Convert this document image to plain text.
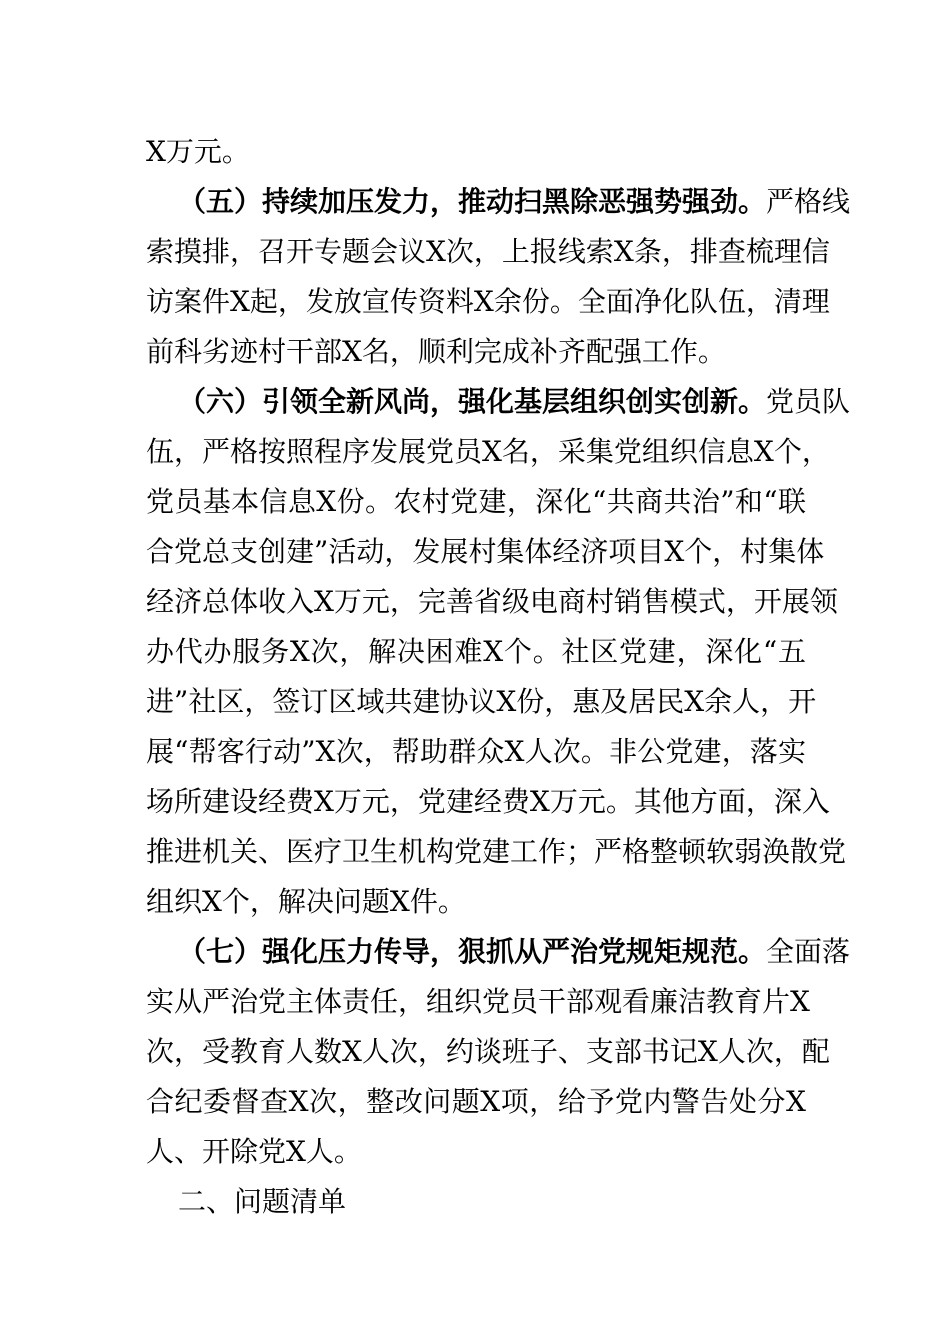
X万元。
（五）持续加压发力，推动扫黑除恶强势强劲。严格线
索摸排，召开专题会议X次，上报线索X条，排查梳理信
访案件X起，发放宣传资料X余份。全面净化队伍，清理
前科劣迹村干部X名，顺利完成补齐配强工作。
（六）引领全新风尚，强化基层组织创实创新。党员队
伍，严格按照程序发展党员X名，采集党组织信息X个，
党员基本信息X份。农村党建，深化“共商共治”和“联
合党总支创建”活动，发展村集体经济项目X个，村集体
经济总体收入X万元，完善省级电商村销售模式，开展领
办代办服务X次，解决困难X个。社区党建，深化“五
进”社区，签订区域共建协议X份，惠及居民X余人，开
展“帮客行动”X次，帮助群众X人次。非公党建，落实
场所建设经费X万元，党建经费X万元。其他方面，深入
推进机关、医疗卫生机构党建工作；严格整顿软弱涣散党
组织X个，解决问题X件。
（七）强化压力传导，狠抓从严治党规矩规范。全面落
实从严治党主体责任，组织党员干部观看廉洁教育片X
次，受教育人数X人次，约谈班子、支部书记X人次，配
合纪委督查X次，整改问题X项，给予党内警告处分X
人、开除党X人。
二、问题清单
